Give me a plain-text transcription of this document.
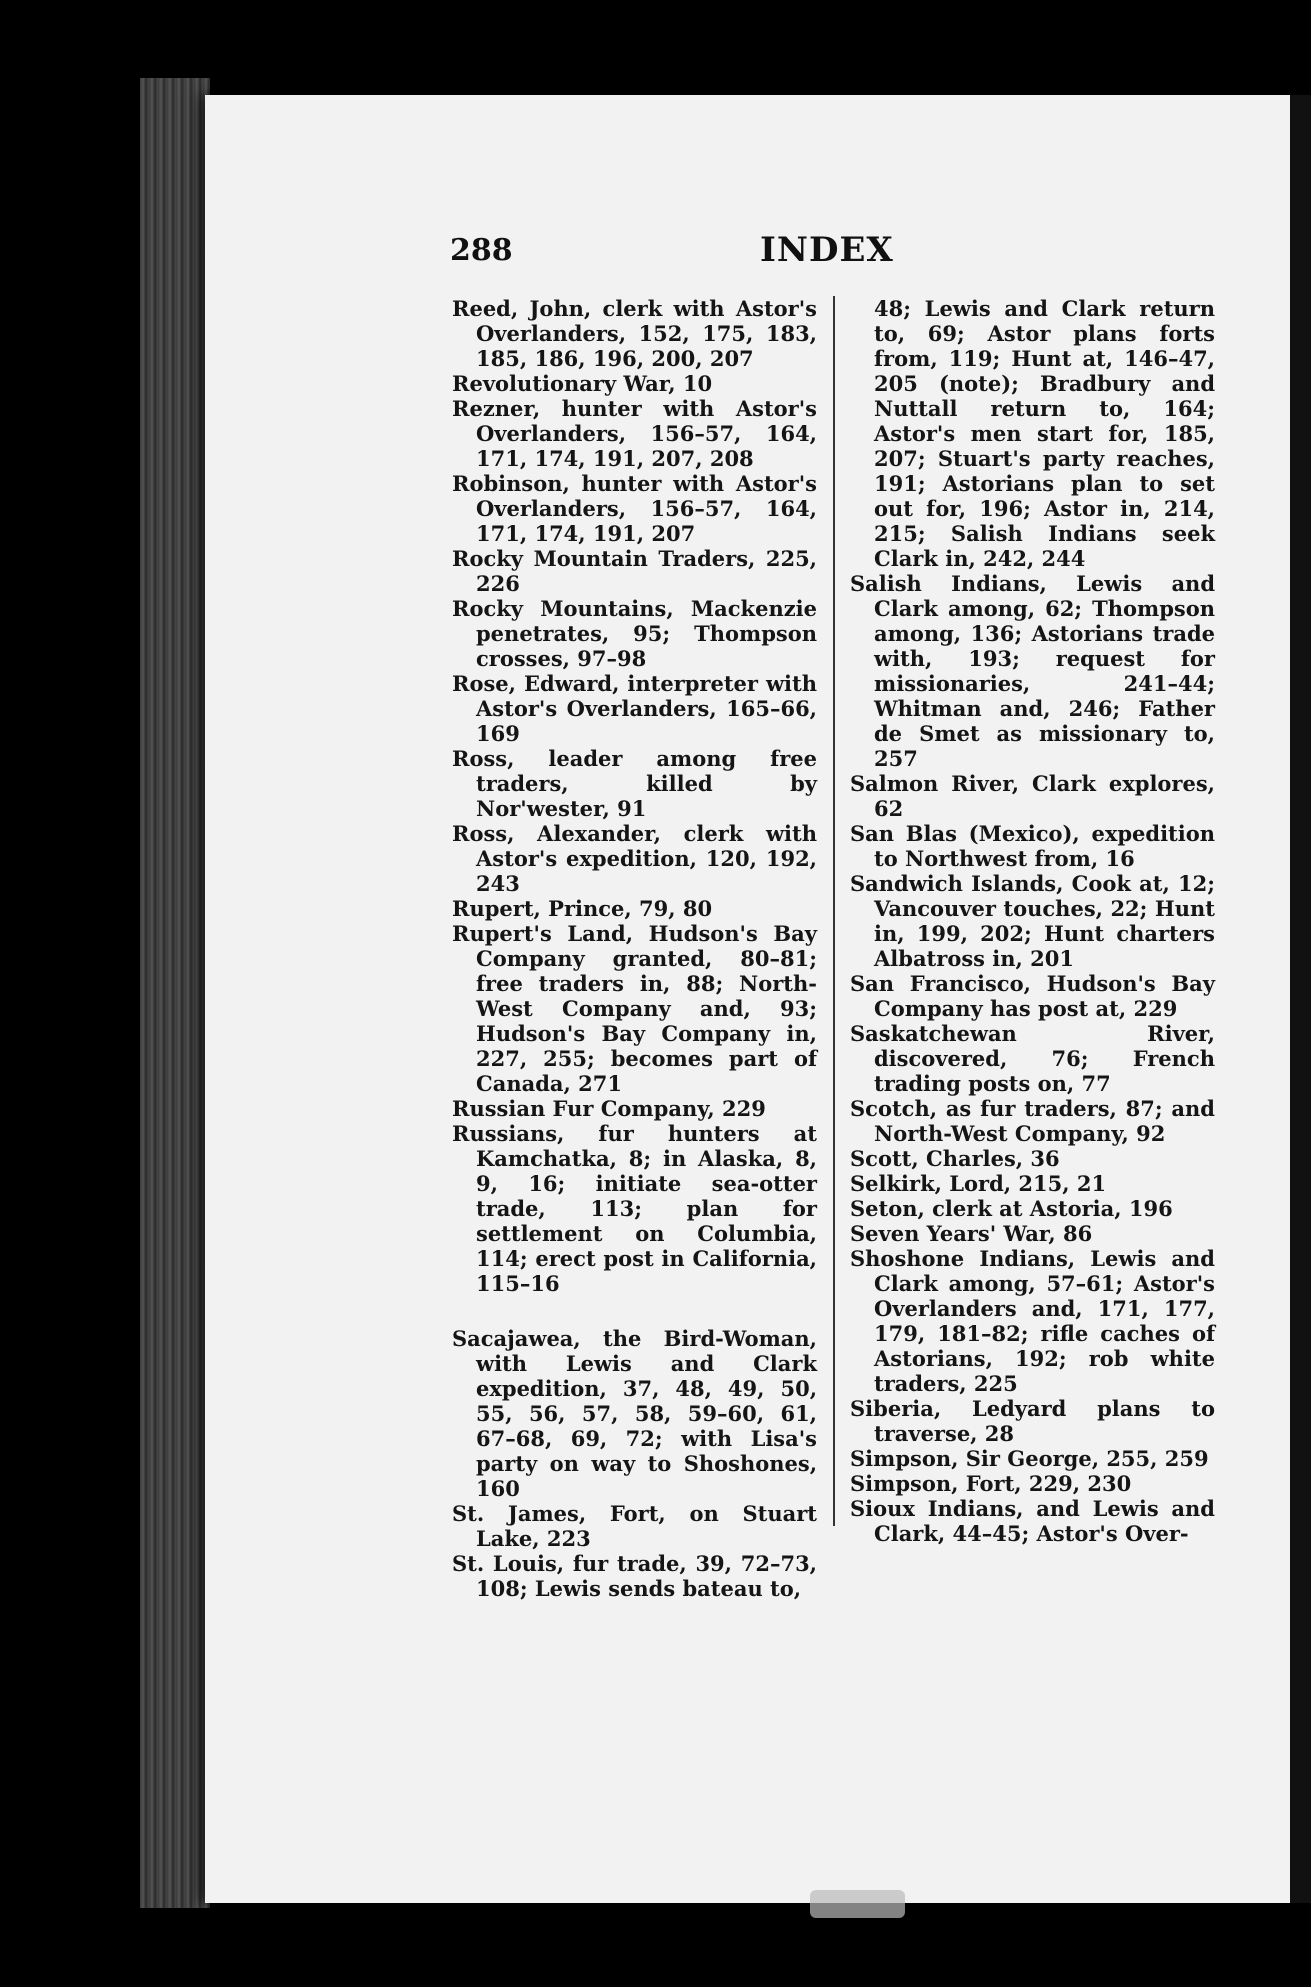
288	INDEX

Reed, John, clerk with Astor's Overlanders, 152, 175, 183, 185, 186, 196, 200, 207

Revolutionary War, 10

Rezner, hunter with Astor's Overlanders, 156–57, 164, 171, 174, 191, 207, 208

Robinson, hunter with Astor's Overlanders, 156–57, 164, 171, 174, 191, 207

Rocky Mountain Traders, 225, 226

Rocky Mountains, Mackenzie penetrates, 95; Thompson crosses, 97–98

Rose, Edward, interpreter with Astor's Overlanders, 165–66, 169

Ross, leader among free traders, killed by Nor'wester, 91

Ross, Alexander, clerk with Astor's expedition, 120, 192, 243

Rupert, Prince, 79, 80

Rupert's Land, Hudson's Bay Company granted, 80–81; free traders in, 88; North-West Company and, 93; Hudson's Bay Company in, 227, 255; becomes part of Canada, 271

Russian Fur Company, 229

Russians, fur hunters at Kamchatka, 8; in Alaska, 8, 9, 16; initiate sea-otter trade, 113; plan for settlement on Columbia, 114; erect post in California, 115–16

Sacajawea, the Bird-Woman, with Lewis and Clark expedition, 37, 48, 49, 50, 55, 56, 57, 58, 59–60, 61, 67–68, 69, 72; with Lisa's party on way to Shoshones, 160

St. James, Fort, on Stuart Lake, 223

St. Louis, fur trade, 39, 72–73, 108; Lewis sends bateau to,

48; Lewis and Clark return to, 69; Astor plans forts from, 119; Hunt at, 146–47, 205 (note); Bradbury and Nuttall return to, 164; Astor's men start for, 185, 207; Stuart's party reaches, 191; Astorians plan to set out for, 196; Astor in, 214, 215; Salish Indians seek Clark in, 242, 244

Salish Indians, Lewis and Clark among, 62; Thompson among, 136; Astorians trade with, 193; request for missionaries, 241–44; Whitman and, 246; Father de Smet as missionary to, 257

Salmon River, Clark explores, 62

San Blas (Mexico), expedition to Northwest from, 16

Sandwich Islands, Cook at, 12; Vancouver touches, 22; Hunt in, 199, 202; Hunt charters Albatross in, 201

San Francisco, Hudson's Bay Company has post at, 229

Saskatchewan River, discovered, 76; French trading posts on, 77

Scotch, as fur traders, 87; and North-West Company, 92

Scott, Charles, 36

Selkirk, Lord, 215, 21

Seton, clerk at Astoria, 196

Seven Years' War, 86

Shoshone Indians, Lewis and Clark among, 57–61; Astor's Overlanders and, 171, 177, 179, 181–82; rifle caches of Astorians, 192; rob white traders, 225

Siberia, Ledyard plans to traverse, 28

Simpson, Sir George, 255, 259

Simpson, Fort, 229, 230

Sioux Indians, and Lewis and Clark, 44–45; Astor's Over-
